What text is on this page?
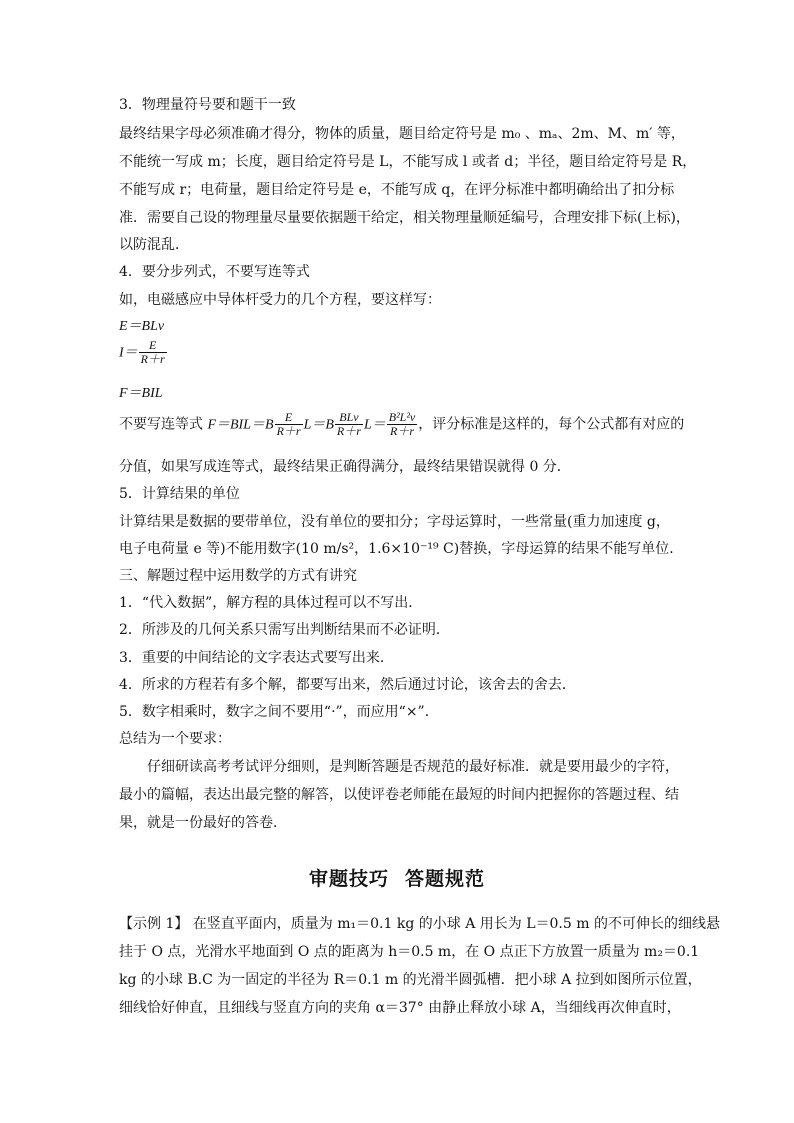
3．物理量符号要和题干一致
最终结果字母必须准确才得分，物体的质量，题目给定符号是 m₀ 、mₐ、2m、M、m′ 等，
不能统一写成 m；长度，题目给定符号是 L，不能写成 l 或者 d；半径，题目给定符号是 R，
不能写成 r；电荷量，题目给定符号是 e，不能写成 q，在评分标准中都明确给出了扣分标
准．需要自己设的物理量尽量要依据题干给定，相关物理量顺延编号，合理安排下标(上标)，
以防混乱．
4．要分步列式，不要写连等式
如，电磁感应中导体杆受力的几个方程，要这样写：
E＝BLv
$I= \frac{E}{R+r}$
F＝BIL
不要写连等式 $F=BIL=B \frac{E}{R+r} L=B \frac{\text{BLv}}{R+r} L= \frac{\text{B²L²v}}{R+r}$ ，评分标准是这样的，每个公式都有对应的
分值，如果写成连等式，最终结果正确得满分，最终结果错误就得 0 分．
5．计算结果的单位
计算结果是数据的要带单位，没有单位的要扣分；字母运算时，一些常量(重力加速度 g，
电子电荷量 e 等)不能用数字(10 m/s²，1.6×10⁻¹⁹ C)替换，字母运算的结果不能写单位．
三、解题过程中运用数学的方式有讲究
1．“代入数据”，解方程的具体过程可以不写出．
2．所涉及的几何关系只需写出判断结果而不必证明．
3．重要的中间结论的文字表达式要写出来．
4．所求的方程若有多个解，都要写出来，然后通过讨论，该舍去的舍去．
5．数字相乘时，数字之间不要用“·”，而应用“×”．
总结为一个要求：
仔细研读高考考试评分细则，是判断答题是否规范的最好标准．就是要用最少的字符，
最小的篇幅，表达出最完整的解答，以使评卷老师能在最短的时间内把握你的答题过程、结
果，就是一份最好的答卷．
审题技巧 答题规范
【示例 1】 在竖直平面内，质量为 m₁＝0.1 kg 的小球 A 用长为 L＝0.5 m 的不可伸长的细线悬
挂于 O 点，光滑水平地面到 O 点的距离为 h＝0.5 m，在 O 点正下方放置一质量为 m₂＝0.1
kg 的小球 B.C 为一固定的半径为 R＝0.1 m 的光滑半圆弧槽．把小球 A 拉到如图所示位置，
细线恰好伸直，且细线与竖直方向的夹角 α＝37° 由静止释放小球 A，当细线再次伸直时，
